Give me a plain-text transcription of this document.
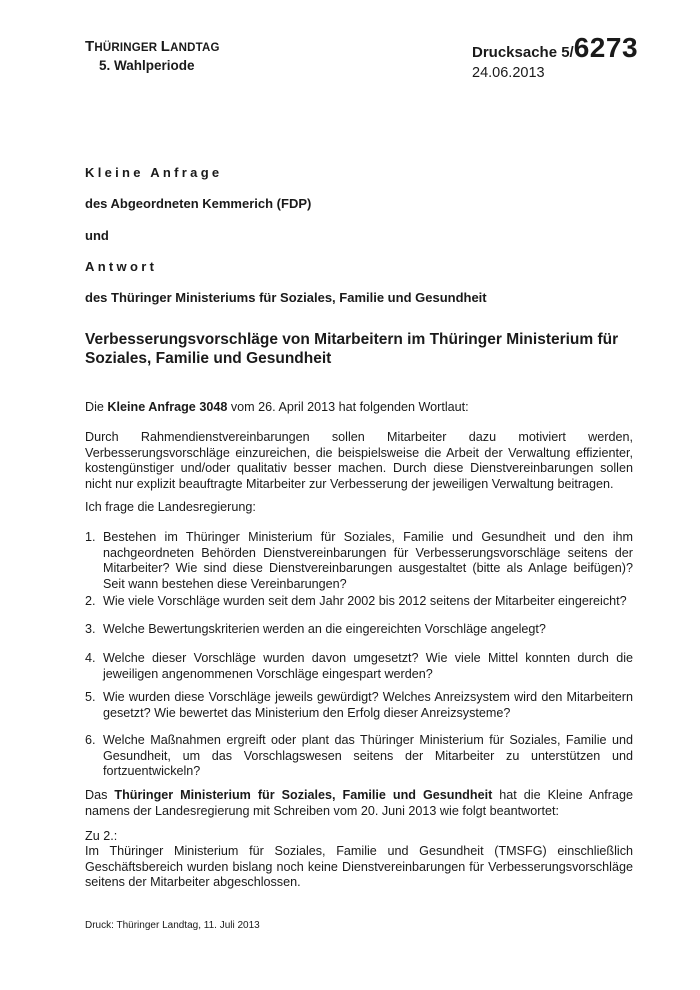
THÜRINGER LANDTAG
5. Wahlperiode
Drucksache 5/6273
24.06.2013
Kleine Anfrage
des Abgeordneten Kemmerich (FDP)
und
Antwort
des Thüringer Ministeriums für Soziales, Familie und Gesundheit
Verbesserungsvorschläge von Mitarbeitern im Thüringer Ministerium für Soziales, Familie und Gesundheit
Die Kleine Anfrage 3048 vom 26. April 2013 hat folgenden Wortlaut:
Durch Rahmendienstvereinbarungen sollen Mitarbeiter dazu motiviert werden, Verbesserungsvorschläge einzureichen, die beispielsweise die Arbeit der Verwaltung effizienter, kostengünstiger und/oder qualitativ besser machen. Durch diese Dienstvereinbarungen sollen nicht nur explizit beauftragte Mitarbeiter zur Verbesserung der jeweiligen Verwaltung beitragen.
Ich frage die Landesregierung:
1. Bestehen im Thüringer Ministerium für Soziales, Familie und Gesundheit und den ihm nachgeordneten Behörden Dienstvereinbarungen für Verbesserungsvorschläge seitens der Mitarbeiter? Wie sind diese Dienstvereinbarungen ausgestaltet (bitte als Anlage beifügen)? Seit wann bestehen diese Vereinbarungen?
2. Wie viele Vorschläge wurden seit dem Jahr 2002 bis 2012 seitens der Mitarbeiter eingereicht?
3. Welche Bewertungskriterien werden an die eingereichten Vorschläge angelegt?
4. Welche dieser Vorschläge wurden davon umgesetzt? Wie viele Mittel konnten durch die jeweiligen angenommenen Vorschläge eingespart werden?
5. Wie wurden diese Vorschläge jeweils gewürdigt? Welches Anreizsystem wird den Mitarbeitern gesetzt? Wie bewertet das Ministerium den Erfolg dieser Anreizsysteme?
6. Welche Maßnahmen ergreift oder plant das Thüringer Ministerium für Soziales, Familie und Gesundheit, um das Vorschlagswesen seitens der Mitarbeiter zu unterstützen und fortzuentwickeln?
Das Thüringer Ministerium für Soziales, Familie und Gesundheit hat die Kleine Anfrage namens der Landesregierung mit Schreiben vom 20. Juni 2013 wie folgt beantwortet:
Zu 2.:
Im Thüringer Ministerium für Soziales, Familie und Gesundheit (TMSFG) einschließlich Geschäftsbereich wurden bislang noch keine Dienstvereinbarungen für Verbesserungsvorschläge seitens der Mitarbeiter abgeschlossen.
Druck: Thüringer Landtag, 11. Juli 2013
